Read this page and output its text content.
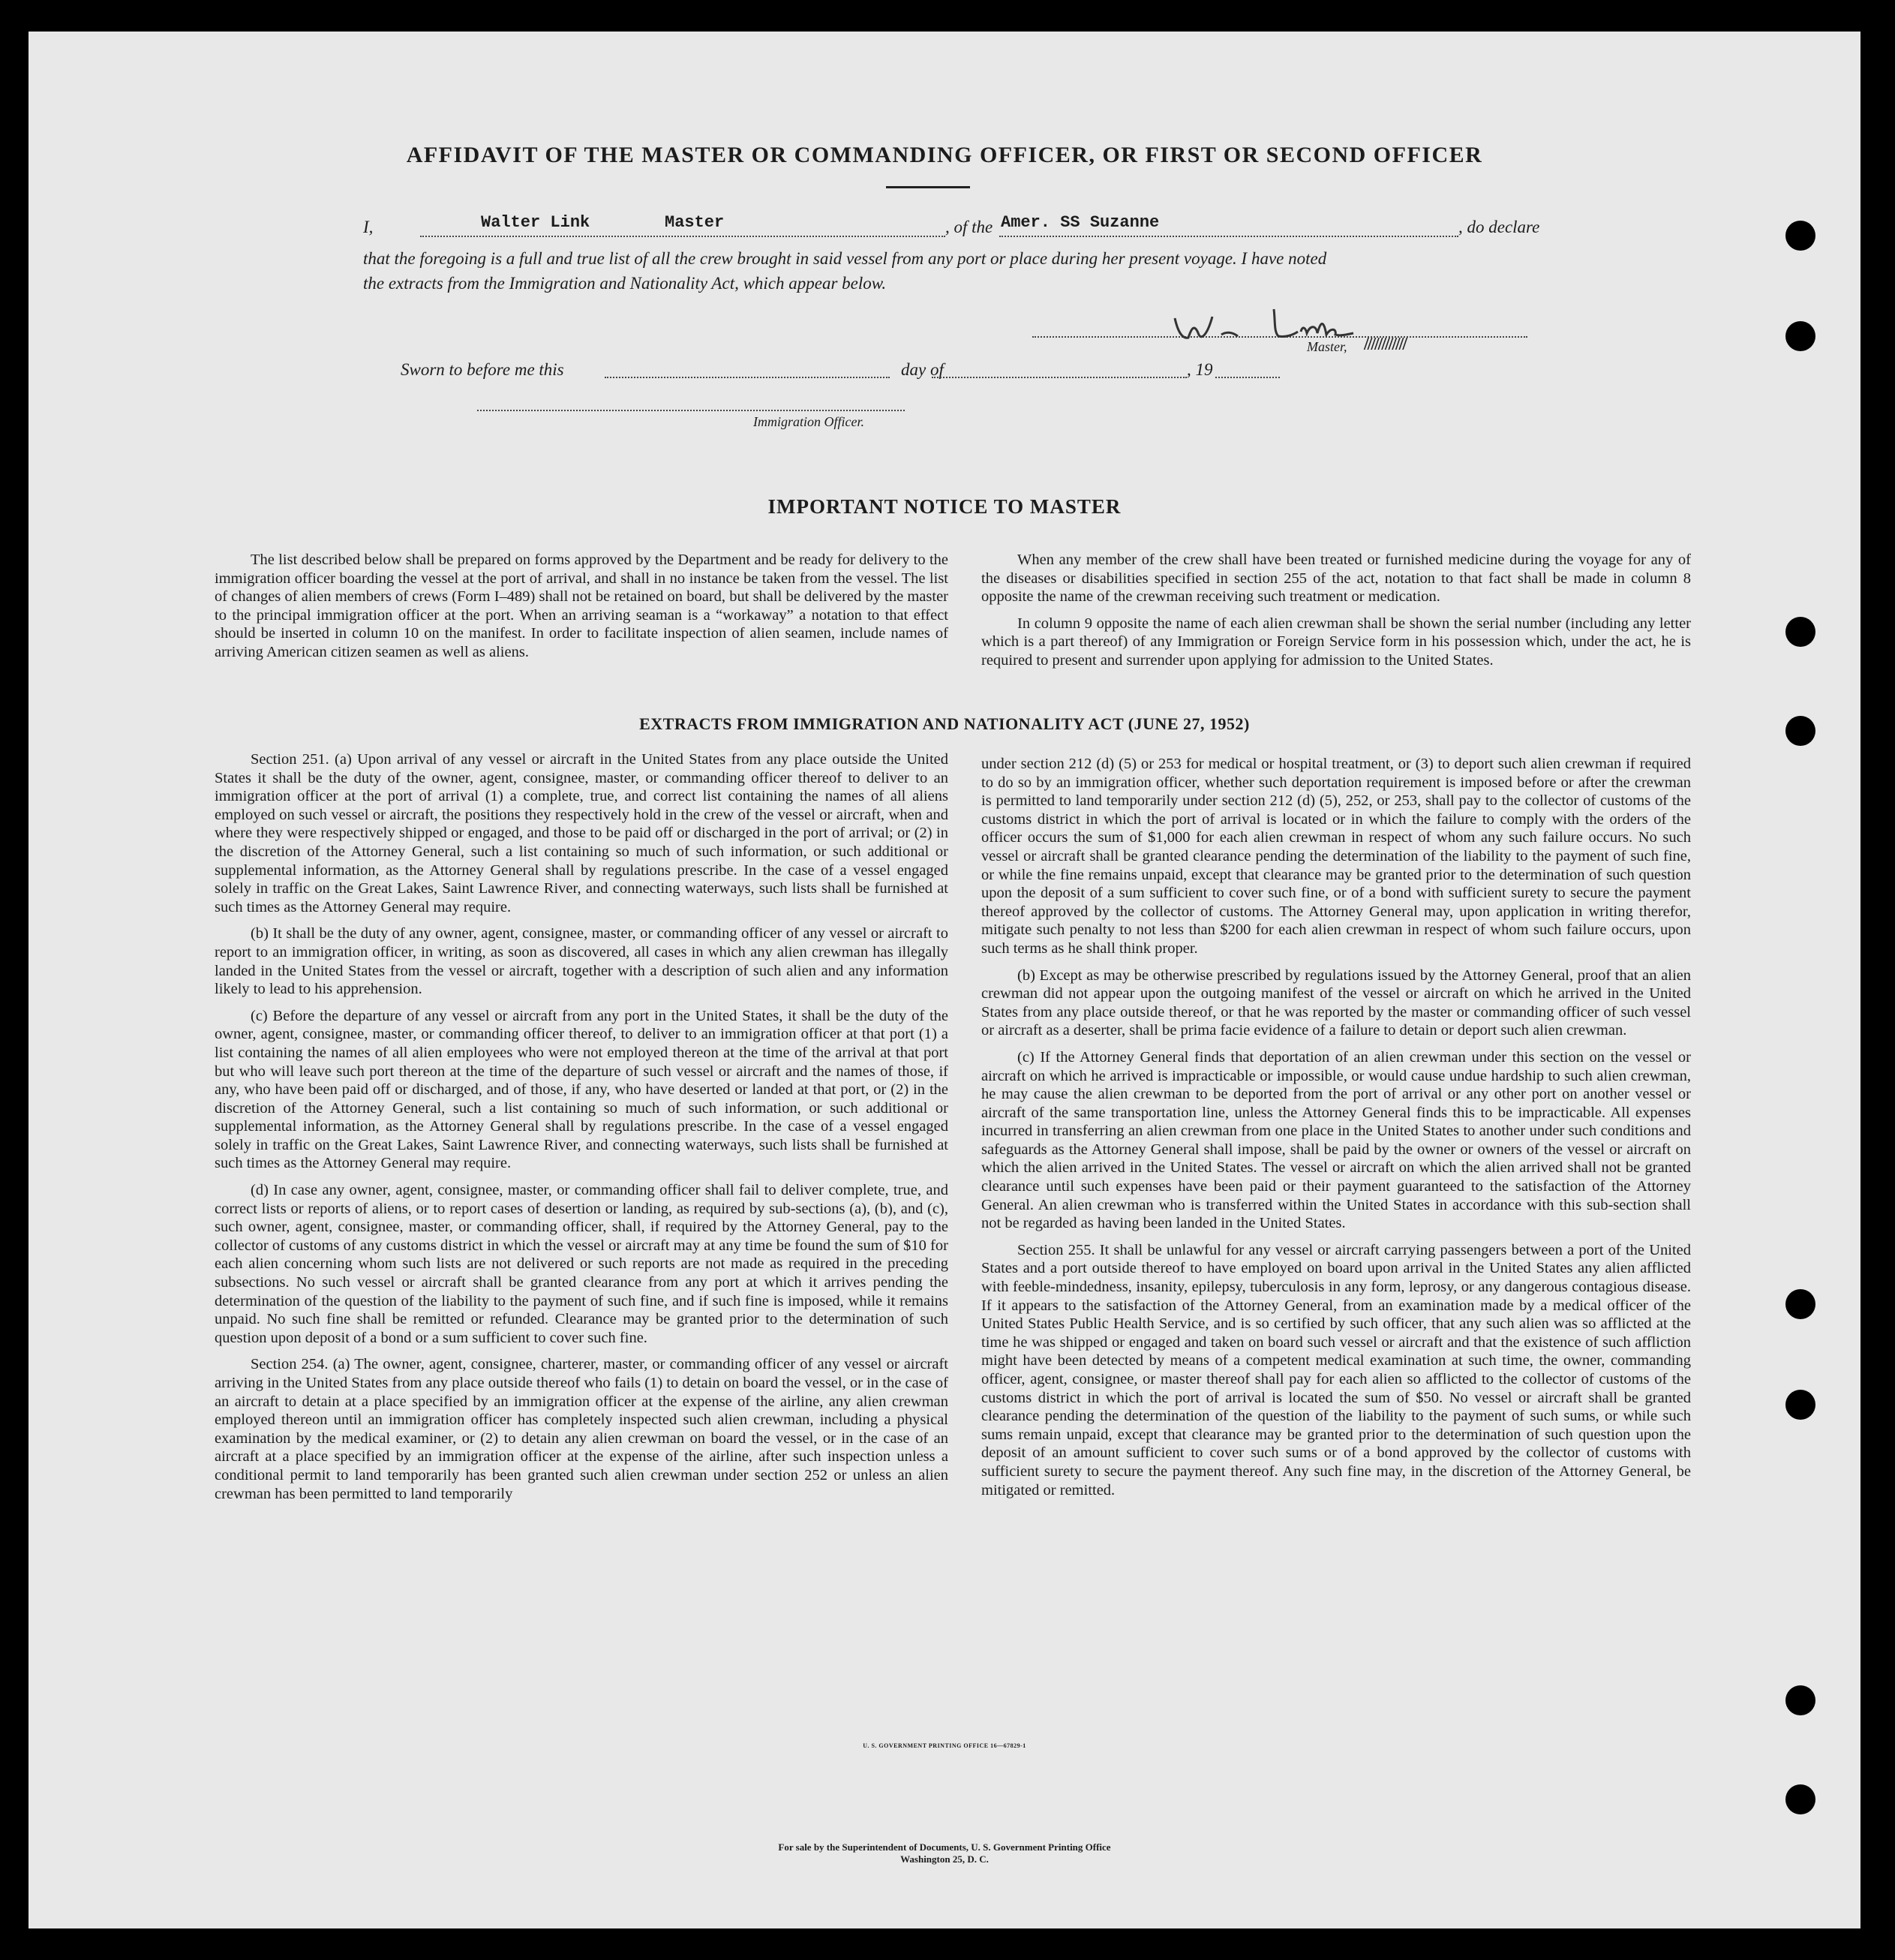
AFFIDAVIT OF THE MASTER OR COMMANDING OFFICER, OR FIRST OR SECOND OFFICER
I,	Walter Link	Master	, of the Amer. SS Suzanne	, do declare
that the foregoing is a full and true list of all the crew brought in said vessel from any port or place during her present voyage. I have noted
the extracts from the Immigration and Nationality Act, which appear below.
Master, ////////////
Sworn to before me this	day of	, 19
Immigration Officer.
IMPORTANT NOTICE TO MASTER

The list described below shall be prepared on forms approved by the Department and be ready for delivery to the immigration officer boarding the vessel at the port of arrival, and shall in no instance be taken from the vessel. The list of changes of alien members of crews (Form I–489) shall not be retained on board, but shall be delivered by the master to the principal immigration officer at the port. When an arriving seaman is a “workaway” a notation to that effect should be inserted in column 10 on the manifest. In order to facilitate inspection of alien seamen, include names of arriving American citizen seamen as well as aliens.

When any member of the crew shall have been treated or furnished medicine during the voyage for any of the diseases or disabilities specified in section 255 of the act, notation to that fact shall be made in column 8 opposite the name of the crewman receiving such treatment or medication.

In column 9 opposite the name of each alien crewman shall be shown the serial number (including any letter which is a part thereof) of any Immigration or Foreign Service form in his possession which, under the act, he is required to present and surrender upon applying for admission to the United States.

EXTRACTS FROM IMMIGRATION AND NATIONALITY ACT (JUNE 27, 1952)

Section 251. (a) Upon arrival of any vessel or aircraft in the United States from any place outside the United States it shall be the duty of the owner, agent, consignee, master, or commanding officer thereof to deliver to an immigration officer at the port of arrival (1) a complete, true, and correct list containing the names of all aliens employed on such vessel or aircraft, the positions they respectively hold in the crew of the vessel or aircraft, when and where they were respectively shipped or engaged, and those to be paid off or discharged in the port of arrival; or (2) in the discretion of the Attorney General, such a list containing so much of such information, or such additional or supplemental information, as the Attorney General shall by regulations prescribe. In the case of a vessel engaged solely in traffic on the Great Lakes, Saint Lawrence River, and connecting waterways, such lists shall be furnished at such times as the Attorney General may require.

(b) It shall be the duty of any owner, agent, consignee, master, or commanding officer of any vessel or aircraft to report to an immigration officer, in writing, as soon as discovered, all cases in which any alien crewman has illegally landed in the United States from the vessel or aircraft, together with a description of such alien and any information likely to lead to his apprehension.

(c) Before the departure of any vessel or aircraft from any port in the United States, it shall be the duty of the owner, agent, consignee, master, or commanding officer thereof, to deliver to an immigration officer at that port (1) a list containing the names of all alien employees who were not employed thereon at the time of the arrival at that port but who will leave such port thereon at the time of the departure of such vessel or aircraft and the names of those, if any, who have been paid off or discharged, and of those, if any, who have deserted or landed at that port, or (2) in the discretion of the Attorney General, such a list containing so much of such information, or such additional or supplemental information, as the Attorney General shall by regulations prescribe. In the case of a vessel engaged solely in traffic on the Great Lakes, Saint Lawrence River, and connecting waterways, such lists shall be furnished at such times as the Attorney General may require.

(d) In case any owner, agent, consignee, master, or commanding officer shall fail to deliver complete, true, and correct lists or reports of aliens, or to report cases of desertion or landing, as required by sub-sections (a), (b), and (c), such owner, agent, consignee, master, or commanding officer, shall, if required by the Attorney General, pay to the collector of customs of any customs district in which the vessel or aircraft may at any time be found the sum of $10 for each alien concerning whom such lists are not delivered or such reports are not made as required in the preceding subsections. No such vessel or aircraft shall be granted clearance from any port at which it arrives pending the determination of the question of the liability to the payment of such fine, and if such fine is imposed, while it remains unpaid. No such fine shall be remitted or refunded. Clearance may be granted prior to the determination of such question upon deposit of a bond or a sum sufficient to cover such fine.

Section 254. (a) The owner, agent, consignee, charterer, master, or commanding officer of any vessel or aircraft arriving in the United States from any place outside thereof who fails (1) to detain on board the vessel, or in the case of an aircraft to detain at a place specified by an immigration officer at the expense of the airline, any alien crewman employed thereon until an immigration officer has completely inspected such alien crewman, including a physical examination by the medical examiner, or (2) to detain any alien crewman on board the vessel, or in the case of an aircraft at a place specified by an immigration officer at the expense of the airline, after such inspection unless a conditional permit to land temporarily has been granted such alien crewman under section 252 or unless an alien crewman has been permitted to land temporarily

under section 212 (d) (5) or 253 for medical or hospital treatment, or (3) to deport such alien crewman if required to do so by an immigration officer, whether such deportation requirement is imposed before or after the crewman is permitted to land temporarily under section 212 (d) (5), 252, or 253, shall pay to the collector of customs of the customs district in which the port of arrival is located or in which the failure to comply with the orders of the officer occurs the sum of $1,000 for each alien crewman in respect of whom any such failure occurs. No such vessel or aircraft shall be granted clearance pending the determination of the liability to the payment of such fine, or while the fine remains unpaid, except that clearance may be granted prior to the determination of such question upon the deposit of a sum sufficient to cover such fine, or of a bond with sufficient surety to secure the payment thereof approved by the collector of customs. The Attorney General may, upon application in writing therefor, mitigate such penalty to not less than $200 for each alien crewman in respect of whom such failure occurs, upon such terms as he shall think proper.

(b) Except as may be otherwise prescribed by regulations issued by the Attorney General, proof that an alien crewman did not appear upon the outgoing manifest of the vessel or aircraft on which he arrived in the United States from any place outside thereof, or that he was reported by the master or commanding officer of such vessel or aircraft as a deserter, shall be prima facie evidence of a failure to detain or deport such alien crewman.

(c) If the Attorney General finds that deportation of an alien crewman under this section on the vessel or aircraft on which he arrived is impracticable or impossible, or would cause undue hardship to such alien crewman, he may cause the alien crewman to be deported from the port of arrival or any other port on another vessel or aircraft of the same transportation line, unless the Attorney General finds this to be impracticable. All expenses incurred in transferring an alien crewman from one place in the United States to another under such conditions and safeguards as the Attorney General shall impose, shall be paid by the owner or owners of the vessel or aircraft on which the alien arrived in the United States. The vessel or aircraft on which the alien arrived shall not be granted clearance until such expenses have been paid or their payment guaranteed to the satisfaction of the Attorney General. An alien crewman who is transferred within the United States in accordance with this sub-section shall not be regarded as having been landed in the United States.

Section 255. It shall be unlawful for any vessel or aircraft carrying passengers between a port of the United States and a port outside thereof to have employed on board upon arrival in the United States any alien afflicted with feeble-mindedness, insanity, epilepsy, tuberculosis in any form, leprosy, or any dangerous contagious disease. If it appears to the satisfaction of the Attorney General, from an examination made by a medical officer of the United States Public Health Service, and is so certified by such officer, that any such alien was so afflicted at the time he was shipped or engaged and taken on board such vessel or aircraft and that the existence of such affliction might have been detected by means of a competent medical examination at such time, the owner, commanding officer, agent, consignee, or master thereof shall pay for each alien so afflicted to the collector of customs of the customs district in which the port of arrival is located the sum of $50. No vessel or aircraft shall be granted clearance pending the determination of the question of the liability to the payment of such sums, or while such sums remain unpaid, except that clearance may be granted prior to the determination of such question upon the deposit of an amount sufficient to cover such sums or of a bond approved by the collector of customs with sufficient surety to secure the payment thereof. Any such fine may, in the discretion of the Attorney General, be mitigated or remitted.

U. S. GOVERNMENT PRINTING OFFICE 16—67829-1
For sale by the Superintendent of Documents, U. S. Government Printing Office
Washington 25, D. C.
